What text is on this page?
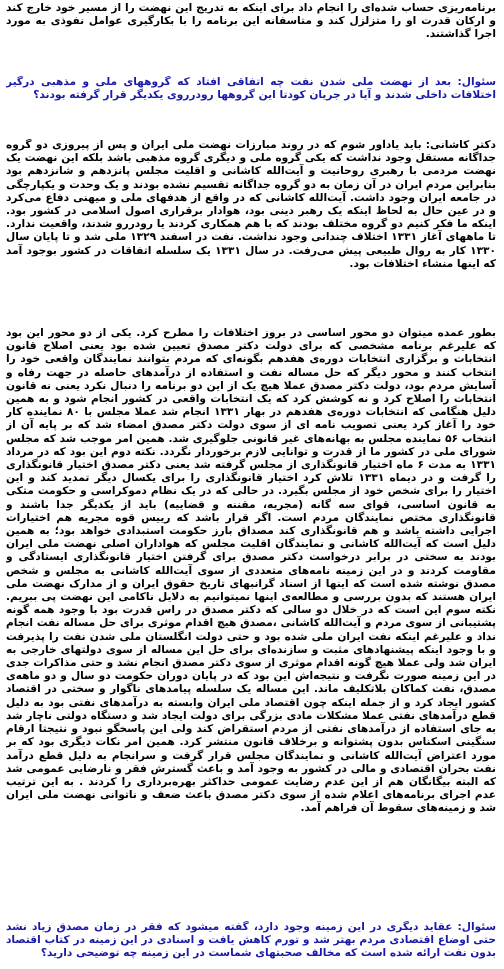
برنامه‌ریزی حساب شده‌ای را انجام داد برای اینکه به تدریج این نهضت را از مسیر خود خارج کند و ارکان قدرت او را متزلزل کند و متاسفانه این برنامه را با بکارگیری عوامل نفوذی به مورد اجرا گذاشتند.

سئوال: بعد از نهضت ملی شدن نفت چه اتفاقی افتاد که گروههای ملی و مذهبی درگیر اختلافات داخلی شدند و آیا در جریان کودتا این گروهها رودرروی یکدیگر قرار گرفته بودند؟

دکتر کاشانی: باید یادآور شوم که در روند مبارزات نهضت ملی ایران و پس از پیروزی دو گروه جداگانه مستقل وجود نداشت که یکی گروه ملی و دیگری گروه مذهبی باشد بلکه این نهضت یک نهضت مردمی با رهبری روحانیت و آیت‌الله کاشانی و اقلیت مجلس پانزدهم و شانزدهم بود بنابراین مردم ایران در آن زمان به دو گروه جداگانه تقسیم نشده بودند و یک وحدت و یکپارچگی در جامعه ایران وجود داشت. آیت‌الله کاشانی که در واقع از هدفهای ملی و میهنی دفاع می‌کرد و در عین حال به لحاظ اینکه یک رهبر دینی بود، هوادار برقراری اصول اسلامی در کشور بود. اینکه ما فکر کنیم دو گروه مختلف بودند که با هم همکاری کردند یا رودررو شدند، واقعیت ندارد. تا ماههای آغاز ۱۳۳۱ اختلاف چندانی وجود نداشت. نفت در اسفند ۱۳۲۹ ملی شد و تا پایان سال ۱۳۳۰ کار به روال طبیعی پیش می‌رفت. در سال ۱۳۳۱ یک سلسله اتفاقات در کشور بوجود آمد که اینها منشاء اختلافات بود.

بطور عمده میتوان دو محور اساسی در بروز اختلافات را مطرح کرد. یکی از دو محور این بود که علیرغم برنامه مشخصی که برای دولت دکتر مصدق تعیین شده بود یعنی اصلاح قانون انتخابات و برگزاری انتخابات دوره‌ی هفدهم بگونه‌ای که مردم بتوانند نمایندگان واقعی خود را انتخاب کنند و محور دیگر که حل مساله نفت و استفاده از درآمدهای حاصله در جهت رفاه و آسایش مردم بود، دولت دکتر مصدق عملا هیچ یک از این دو برنامه را دنبال نکرد یعنی نه قانون انتخابات را اصلاح کرد و نه کوشش کرد که یک انتخابات واقعی در کشور انجام شود و به همین دلیل هنگامی که انتخابات دوره‌ی هفدهم در بهار ۱۳۳۱ انجام شد عملا مجلس با ۸۰ نماینده کار خود را آغاز کرد یعنی تصویب نامه ای از سوی دولت دکتر مصدق امضاء شد که بر پایه آن از انتخاب ۵۶ نماینده مجلس به بهانه‌های غیر قانونی جلوگیری شد. همین امر موجب شد که مجلس شورای ملی در کشور ما از قدرت و توانایی لازم برخوردار نگردد. نکته دوم این بود که در مرداد ۱۳۳۱ به مدت ۶ ماه اختیار قانونگذاری از مجلس گرفته شد یعنی دکتر مصدق اختیار قانونگذاری را گرفت و در دیماه ۱۳۳۱ تلاش کرد اختیار قانونگذاری را برای یکسال دیگر تمدید کند و این اختیار را برای شخص خود از مجلس بگیرد. در حالی که در یک نظام دموکراسی و حکومت متکی به قانون اساسی، قوای سه گانه (مجریه، مقننه و قضاییه) باید از یکدیگر جدا باشند و قانونگذاری مختص نمایندگان مردم است. اگر قرار باشد که رییس قوه مجریه هم اختیارات اجرایی داشته باشد و هم قانونگذاری کند مصداق بارز حکومت استبدادی خواهد بود؛ به همین دلیل است که آیت‌الله کاشانی و نمایندگان اقلیت مجلس که هواداران اصلی نهضت ملی ایران بودند به سختی در برابر درخواست دکتر مصدق برای گرفتن اختیار قانونگذاری ایستادگی و مقاومت کردند و در این زمینه نامه‌های متعددی از سوی آیت‌الله کاشانی به مجلس و شخص مصدق نوشته شده است که اینها از اسناد گرانبهای تاریخ حقوق ایران و از مدارک نهضت ملی ایران هستند که بدون بررسی و مطالعه‌ی اینها نمیتوانیم به دلایل ناکامی این نهضت پی ببریم. نکته سوم این است که در خلال دو سالی که دکتر مصدق در راس قدرت بود با وجود همه گونه پشتیبانی از سوی مردم و آیت‌الله کاشانی ،مصدق هیچ اقدام موثری برای حل مساله نفت انجام نداد و علیرغم اینکه نفت ایران ملی شده بود و حتی دولت انگلستان ملی شدن نفت را پذیرفت و با وجود اینکه پیشنهادهای مثبت و سازنده‌ای برای حل این مساله از سوی دولتهای خارجی به ایران شد ولی عملا هیچ گونه اقدام موثری از سوی دکتر مصدق انجام نشد و حتی مذاکرات جدی در این زمینه صورت نگرفت و نتیجه‌اش این بود که در پایان دوران حکومت دو سال و دو ماهه‌ی مصدق، نفت کماکان بلاتکلیف ماند. این مساله یک سلسله پیامدهای ناگوار و سختی در اقتصاد کشور ایجاد کرد و از جمله اینکه چون اقتصاد ملی ایران وابسته به درآمدهای نفتی بود به دلیل قطع درآمدهای نفتی عملا مشکلات مادی بزرگی برای دولت ایجاد شد و دستگاه دولتی ناچار شد به جای استفاده از درآمدهای نفتی از مردم استقراض کند ولی این پاسخگو نبود و نتیجتا ارقام سنگینی اسکناس بدون پشتوانه و برخلاف قانون منتشر کرد. همین امر نکات دیگری بود که بر مورد اعتراض آیت‌الله کاشانی و نمایندگان مجلس قرار گرفت و سرانجام به دلیل قطع درآمد نفت بحران اقتصادی و مالی در کشور به وجود آمد و باعث گسترش فقر و نارضایی عمومی شد که البته بیگانگان هم از این عدم رضایت عمومی حداکثر بهره‌برداری را کردند . به این ترتیب عدم اجرای برنامه‌های اعلام شده از سوی دکتر مصدق باعث ضعف و ناتوانی نهضت ملی ایران شد و زمینه‌های سقوط آن فراهم آمد.

سئوال: عقاید دیگری در این زمینه وجود دارد، گفته میشود که فقر در زمان مصدق زیاد نشد حتی اوضاع اقتصادی مردم بهتر شد و تورم کاهش یافت و اسنادی در این زمینه در کتاب اقتصاد بدون نفت ارائه شده است که مخالف صحبتهای شماست در این زمینه چه توضیحی دارید؟
